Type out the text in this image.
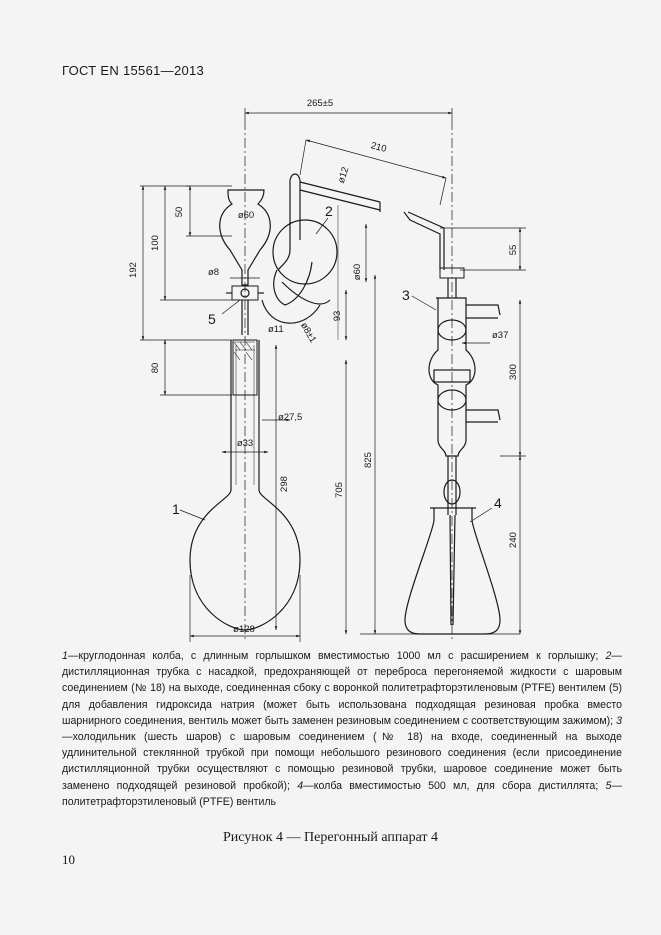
ГОСТ EN 15561—2013
265±5
210
ø12
50	ø60
100
192	ø8
80
93
ø60
ø11 ø8±1
ø27,5
ø33
298	705
825
ø128
55
ø37
300
240
1
2
3
4
5

1—круглодонная колба, с длинным горлышком вместимостью 1000 мл с расширением к горлышку; 2—дистилляционная трубка с насадкой, предохраняющей от переброса перегоняемой жидкости с шаровым соединением (№ 18) на выходе, соединенная сбоку с воронкой политетрафторэтиленовым (PTFE) вентилем (5) для добавления гидроксида натрия (может быть использована подходящая резиновая пробка вместо шарнирного соединения, вентиль может быть заменен резиновым соединением с соответствующим зажимом); 3—холодильник (шесть шаров) с шаровым соединением (№ 18) на входе, соединенный на выходе удлинительной стеклянной трубкой при помощи небольшого резинового соединения (если присоединение дистилляционной трубки осуществляют с помощью резиновой трубки, шаровое соединение может быть заменено подходящей резиновой пробкой); 4—колба вместимостью 500 мл, для сбора дистиллята; 5—политетрафторэтиленовый (PTFE) вентиль

Рисунок 4 — Перегонный аппарат 4
10
